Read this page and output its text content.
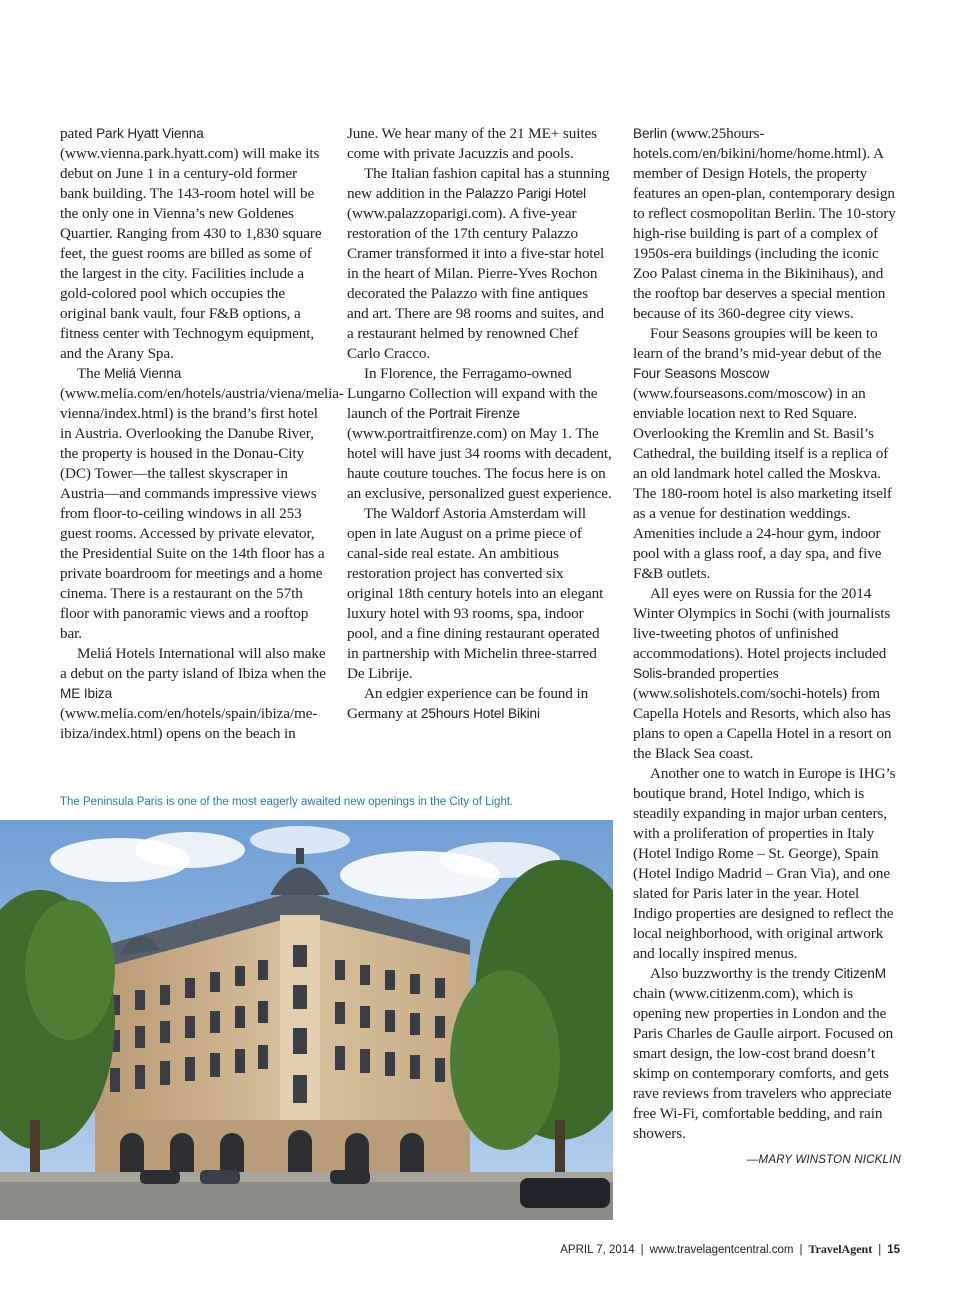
pated Park Hyatt Vienna (www.vienna.park.hyatt.com) will make its debut on June 1 in a century-old former bank building. The 143-room hotel will be the only one in Vienna’s new Goldenes Quartier. Ranging from 430 to 1,830 square feet, the guest rooms are billed as some of the largest in the city. Facilities include a gold-colored pool which occupies the original bank vault, four F&B options, a fitness center with Technogym equipment, and the Arany Spa.

The Meliá Vienna (www.melia.com/en/hotels/austria/viena/melia-vienna/index.html) is the brand’s first hotel in Austria. Overlooking the Danube River, the property is housed in the Donau-City (DC) Tower—the tallest skyscraper in Austria—and commands impressive views from floor-to-ceiling windows in all 253 guest rooms. Accessed by private elevator, the Presidential Suite on the 14th floor has a private boardroom for meetings and a home cinema. There is a restaurant on the 57th floor with panoramic views and a rooftop bar.

Meliá Hotels International will also make a debut on the party island of Ibiza when the ME Ibiza (www.melia.com/en/hotels/spain/ibiza/me-ibiza/index.html) opens on the beach in

June. We hear many of the 21 ME+ suites come with private Jacuzzis and pools.

The Italian fashion capital has a stunning new addition in the Palazzo Parigi Hotel (www.palazzoparigi.com). A five-year restoration of the 17th century Palazzo Cramer transformed it into a five-star hotel in the heart of Milan. Pierre-Yves Rochon decorated the Palazzo with fine antiques and art. There are 98 rooms and suites, and a restaurant helmed by renowned Chef Carlo Cracco.

In Florence, the Ferragamo-owned Lungarno Collection will expand with the launch of the Portrait Firenze (www.portraitfirenze.com) on May 1. The hotel will have just 34 rooms with decadent, haute couture touches. The focus here is on an exclusive, personalized guest experience.

The Waldorf Astoria Amsterdam will open in late August on a prime piece of canal-side real estate. An ambitious restoration project has converted six original 18th century hotels into an elegant luxury hotel with 93 rooms, spa, indoor pool, and a fine dining restaurant operated in partnership with Michelin three-starred De Librije.

An edgier experience can be found in Germany at 25hours Hotel Bikini

Berlin (www.25hours-hotels.com/en/bikini/home/home.html). A member of Design Hotels, the property features an open-plan, contemporary design to reflect cosmopolitan Berlin. The 10-story high-rise building is part of a complex of 1950s-era buildings (including the iconic Zoo Palast cinema in the Bikinihaus), and the rooftop bar deserves a special mention because of its 360-degree city views.

Four Seasons groupies will be keen to learn of the brand’s mid-year debut of the Four Seasons Moscow (www.fourseasons.com/moscow) in an enviable location next to Red Square. Overlooking the Kremlin and St. Basil’s Cathedral, the building itself is a replica of an old landmark hotel called the Moskva. The 180-room hotel is also marketing itself as a venue for destination weddings. Amenities include a 24-hour gym, indoor pool with a glass roof, a day spa, and five F&B outlets.

All eyes were on Russia for the 2014 Winter Olympics in Sochi (with journalists live-tweeting photos of unfinished accommodations). Hotel projects included Solis-branded properties (www.solishotels.com/sochi-hotels) from Capella Hotels and Resorts, which also has plans to open a Capella Hotel in a resort on the Black Sea coast.

Another one to watch in Europe is IHG’s boutique brand, Hotel Indigo, which is steadily expanding in major urban centers, with a proliferation of properties in Italy (Hotel Indigo Rome – St. George), Spain (Hotel Indigo Madrid – Gran Via), and one slated for Paris later in the year. Hotel Indigo properties are designed to reflect the local neighborhood, with original artwork and locally inspired menus.

Also buzzworthy is the trendy CitizenM chain (www.citizenm.com), which is opening new properties in London and the Paris Charles de Gaulle airport. Focused on smart design, the low-cost brand doesn’t skimp on contemporary comforts, and gets rave reviews from travelers who appreciate free Wi-Fi, comfortable bedding, and rain showers.

—MARY WINSTON NICKLIN
The Peninsula Paris is one of the most eagerly awaited new openings in the City of Light.
APRIL 7, 2014 | www.travelagentcentral.com | TravelAgent | 15
